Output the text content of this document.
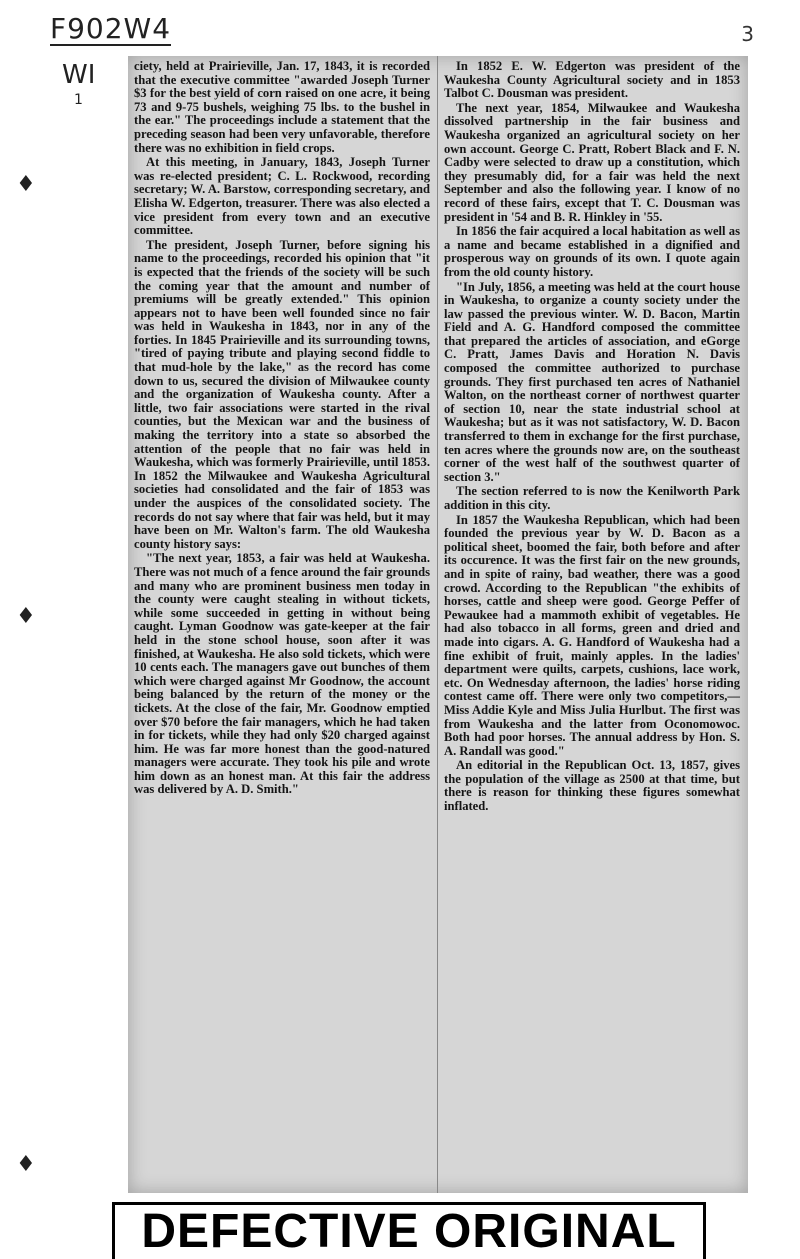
F902W4
WI
1
3
♦
♦
♦

ciety, held at Prairieville, Jan. 17, 1843, it is recorded that the executive committee "awarded Joseph Turner $3 for the best yield of corn raised on one acre, it being 73 and 9-75 bushels, weighing 75 lbs. to the bushel in the ear." The proceedings include a statement that the preceding season had been very unfavorable, therefore there was no exhibition in field crops.

At this meeting, in January, 1843, Joseph Turner was re-elected president; C. L. Rockwood, recording secretary; W. A. Barstow, corresponding secretary, and Elisha W. Edgerton, treasurer. There was also elected a vice president from every town and an executive committee.

The president, Joseph Turner, before signing his name to the proceedings, recorded his opinion that "it is expected that the friends of the society will be such the coming year that the amount and number of premiums will be greatly extended." This opinion appears not to have been well founded since no fair was held in Waukesha in 1843, nor in any of the forties. In 1845 Prairieville and its surrounding towns, "tired of paying tribute and playing second fiddle to that mud-hole by the lake," as the record has come down to us, secured the division of Milwaukee county and the organization of Waukesha county. After a little, two fair associations were started in the rival counties, but the Mexican war and the business of making the territory into a state so absorbed the attention of the people that no fair was held in Waukesha, which was formerly Prairieville, until 1853. In 1852 the Milwaukee and Waukesha Agricultural societies had consolidated and the fair of 1853 was under the auspices of the consolidated society. The records do not say where that fair was held, but it may have been on Mr. Walton's farm. The old Waukesha county history says:

"The next year, 1853, a fair was held at Waukesha. There was not much of a fence around the fair grounds and many who are prominent business men today in the county were caught stealing in without tickets, while some succeeded in getting in without being caught. Lyman Goodnow was gate-keeper at the fair held in the stone school house, soon after it was finished, at Waukesha. He also sold tickets, which were 10 cents each. The managers gave out bunches of them which were charged against Mr Goodnow, the account being balanced by the return of the money or the tickets. At the close of the fair, Mr. Goodnow emptied over $70 before the fair managers, which he had taken in for tickets, while they had only $20 charged against him. He was far more honest than the good-natured managers were accurate. They took his pile and wrote him down as an honest man. At this fair the address was delivered by A. D. Smith."

In 1852 E. W. Edgerton was president of the Waukesha County Agricultural society and in 1853 Talbot C. Dousman was president.

The next year, 1854, Milwaukee and Waukesha dissolved partnership in the fair business and Waukesha organized an agricultural society on her own account. George C. Pratt, Robert Black and F. N. Cadby were selected to draw up a constitution, which they presumably did, for a fair was held the next September and also the following year. I know of no record of these fairs, except that T. C. Dousman was president in '54 and B. R. Hinkley in '55.

In 1856 the fair acquired a local habitation as well as a name and became established in a dignified and prosperous way on grounds of its own. I quote again from the old county history.

"In July, 1856, a meeting was held at the court house in Waukesha, to organize a county society under the law passed the previous winter. W. D. Bacon, Martin Field and A. G. Handford composed the committee that prepared the articles of association, and eGorge C. Pratt, James Davis and Horation N. Davis composed the committee authorized to purchase grounds. They first purchased ten acres of Nathaniel Walton, on the northeast corner of northwest quarter of section 10, near the state industrial school at Waukesha; but as it was not satisfactory, W. D. Bacon transferred to them in exchange for the first purchase, ten acres where the grounds now are, on the southeast corner of the west half of the southwest quarter of section 3."

The section referred to is now the Kenilworth Park addition in this city.

In 1857 the Waukesha Republican, which had been founded the previous year by W. D. Bacon as a political sheet, boomed the fair, both before and after its occurence. It was the first fair on the new grounds, and in spite of rainy, bad weather, there was a good crowd. According to the Republican "the exhibits of horses, cattle and sheep were good. George Peffer of Pewaukee had a mammoth exhibit of vegetables. He had also tobacco in all forms, green and dried and made into cigars. A. G. Handford of Waukesha had a fine exhibit of fruit, mainly apples. In the ladies' department were quilts, carpets, cushions, lace work, etc. On Wednesday afternoon, the ladies' horse riding contest came off. There were only two competitors,—Miss Addie Kyle and Miss Julia Hurlbut. The first was from Waukesha and the latter from Oconomowoc. Both had poor horses. The annual address by Hon. S. A. Randall was good."

An editorial in the Republican Oct. 13, 1857, gives the population of the village as 2500 at that time, but there is reason for thinking these figures somewhat inflated.

DEFECTIVE ORIGINAL
